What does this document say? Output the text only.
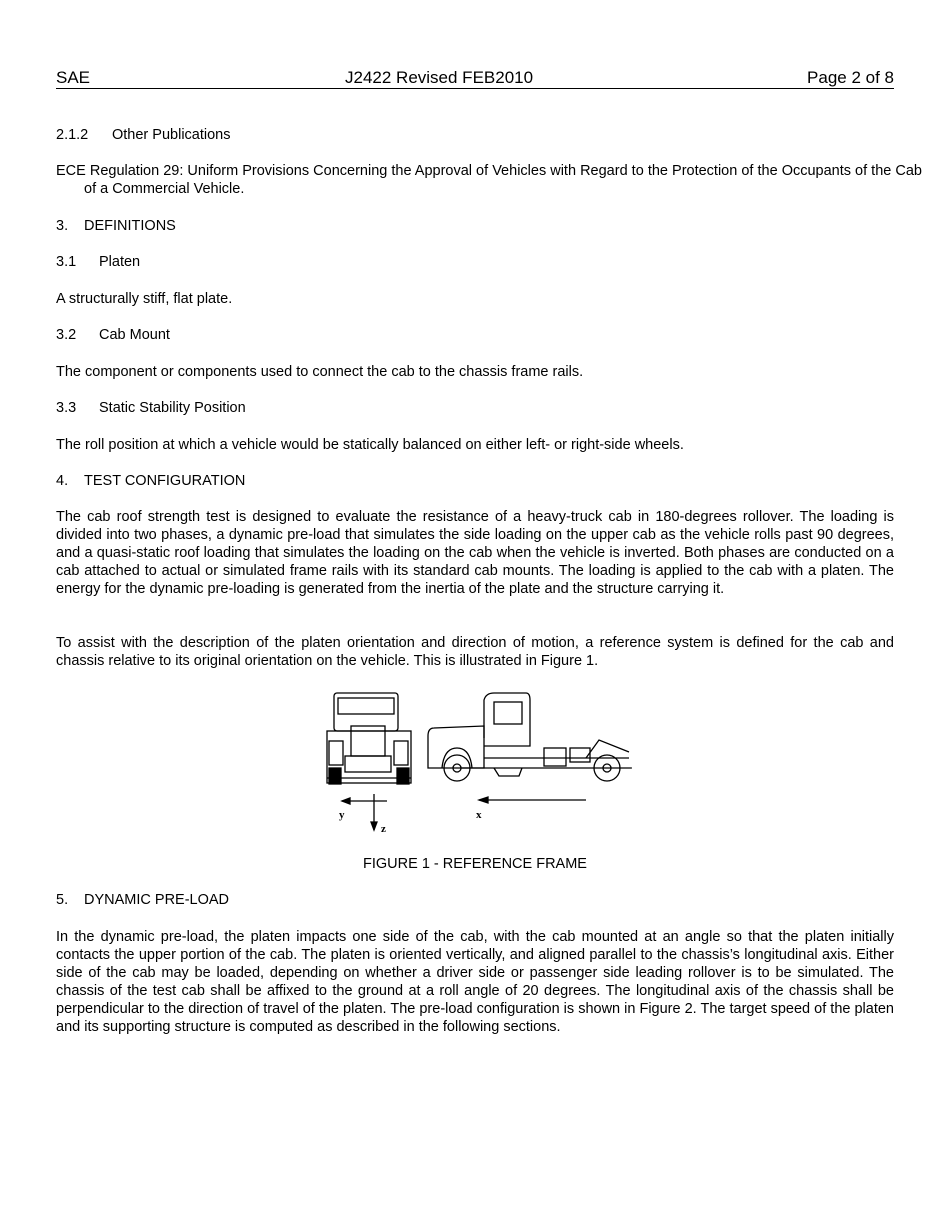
SAE	J2422 Revised FEB2010	Page 2 of 8
2.1.2 Other Publications
ECE Regulation 29: Uniform Provisions Concerning the Approval of Vehicles with Regard to the Protection of the Occupants of the Cab of a Commercial Vehicle.
3. DEFINITIONS
3.1 Platen
A structurally stiff, flat plate.
3.2 Cab Mount
The component or components used to connect the cab to the chassis frame rails.
3.3 Static Stability Position
The roll position at which a vehicle would be statically balanced on either left- or right-side wheels.
4. TEST CONFIGURATION
The cab roof strength test is designed to evaluate the resistance of a heavy-truck cab in 180-degrees rollover. The loading is divided into two phases, a dynamic pre-load that simulates the side loading on the upper cab as the vehicle rolls past 90 degrees, and a quasi-static roof loading that simulates the loading on the cab when the vehicle is inverted. Both phases are conducted on a cab attached to actual or simulated frame rails with its standard cab mounts. The loading is applied to the cab with a platen. The energy for the dynamic pre-loading is generated from the inertia of the plate and the structure carrying it.
To assist with the description of the platen orientation and direction of motion, a reference system is defined for the cab and chassis relative to its original orientation on the vehicle. This is illustrated in Figure 1.
y
z
x
FIGURE 1 - REFERENCE FRAME
5. DYNAMIC PRE-LOAD
In the dynamic pre-load, the platen impacts one side of the cab, with the cab mounted at an angle so that the platen initially contacts the upper portion of the cab. The platen is oriented vertically, and aligned parallel to the chassis’s longitudinal axis. Either side of the cab may be loaded, depending on whether a driver side or passenger side leading rollover is to be simulated. The chassis of the test cab shall be affixed to the ground at a roll angle of 20 degrees. The longitudinal axis of the chassis shall be perpendicular to the direction of travel of the platen. The pre-load configuration is shown in Figure 2. The target speed of the platen and its supporting structure is computed as described in the following sections.
